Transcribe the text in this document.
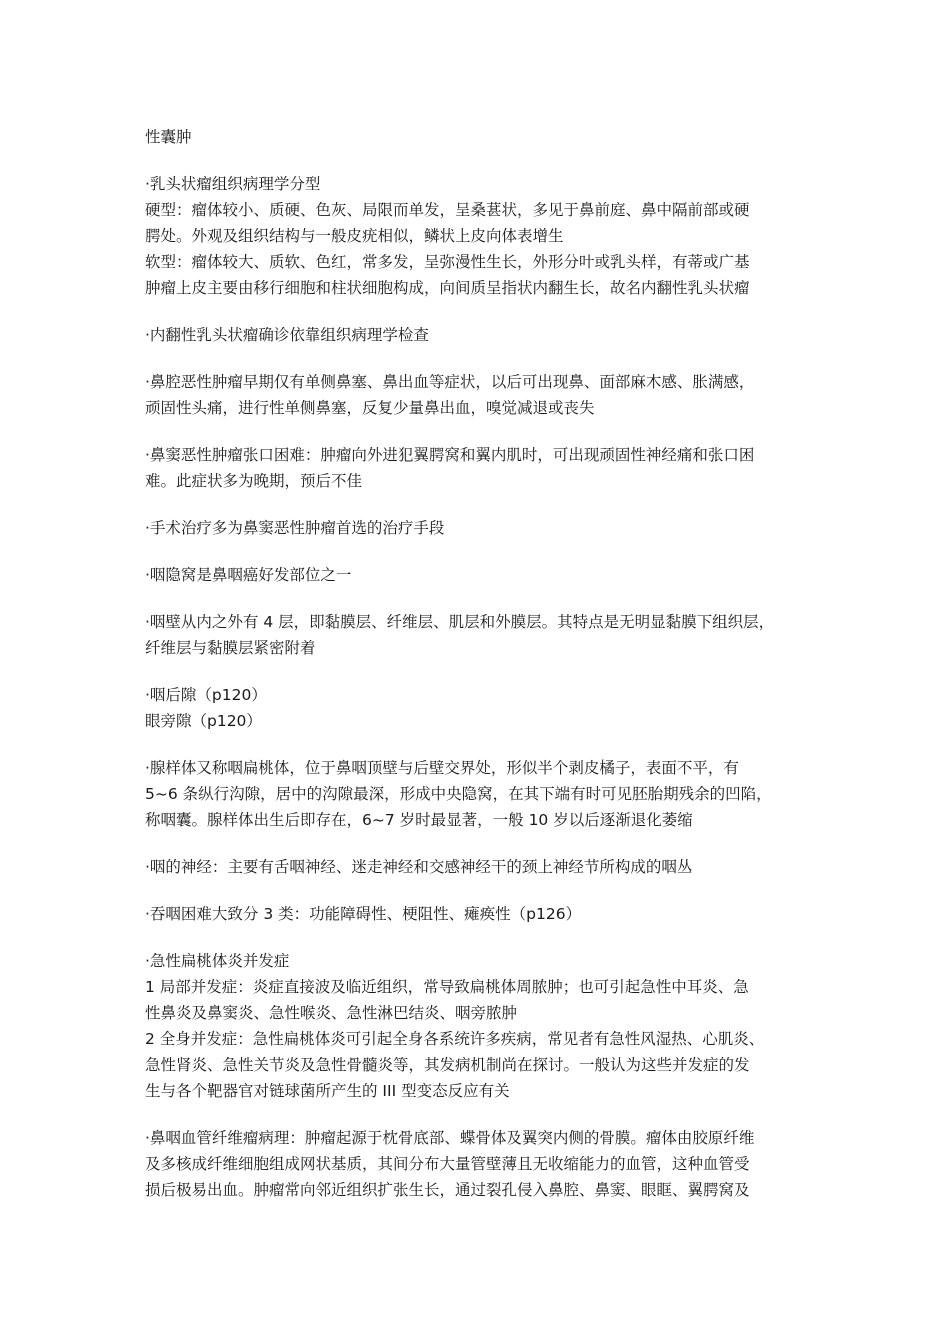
性囊肿
·乳头状瘤组织病理学分型
硬型：瘤体较小、质硬、色灰、局限而单发，呈桑葚状，多见于鼻前庭、鼻中隔前部或硬
腭处。外观及组织结构与一般皮疣相似，鳞状上皮向体表增生
软型：瘤体较大、质软、色红，常多发，呈弥漫性生长，外形分叶或乳头样，有蒂或广基
肿瘤上皮主要由移行细胞和柱状细胞构成，向间质呈指状内翻生长，故名内翻性乳头状瘤
·内翻性乳头状瘤确诊依靠组织病理学检查
·鼻腔恶性肿瘤早期仅有单侧鼻塞、鼻出血等症状，以后可出现鼻、面部麻木感、胀满感，
顽固性头痛，进行性单侧鼻塞，反复少量鼻出血，嗅觉减退或丧失
·鼻窦恶性肿瘤张口困难：肿瘤向外进犯翼腭窝和翼内肌时，可出现顽固性神经痛和张口困
难。此症状多为晚期，预后不佳
·手术治疗多为鼻窦恶性肿瘤首选的治疗手段
·咽隐窝是鼻咽癌好发部位之一
·咽壁从内之外有 4 层，即黏膜层、纤维层、肌层和外膜层。其特点是无明显黏膜下组织层，
纤维层与黏膜层紧密附着
·咽后隙（p120）
眼旁隙（p120）
·腺样体又称咽扁桃体，位于鼻咽顶壁与后壁交界处，形似半个剥皮橘子，表面不平，有
5~6 条纵行沟隙，居中的沟隙最深，形成中央隐窝，在其下端有时可见胚胎期残余的凹陷，
称咽囊。腺样体出生后即存在，6~7 岁时最显著，一般 10 岁以后逐渐退化萎缩
·咽的神经：主要有舌咽神经、迷走神经和交感神经干的颈上神经节所构成的咽丛
·吞咽困难大致分 3 类：功能障碍性、梗阻性、瘫痪性（p126）
·急性扁桃体炎并发症
1 局部并发症：炎症直接波及临近组织，常导致扁桃体周脓肿；也可引起急性中耳炎、急
性鼻炎及鼻窦炎、急性喉炎、急性淋巴结炎、咽旁脓肿
2 全身并发症：急性扁桃体炎可引起全身各系统许多疾病，常见者有急性风湿热、心肌炎、
急性肾炎、急性关节炎及急性骨髓炎等，其发病机制尚在探讨。一般认为这些并发症的发
生与各个靶器官对链球菌所产生的 III 型变态反应有关
·鼻咽血管纤维瘤病理：肿瘤起源于枕骨底部、蝶骨体及翼突内侧的骨膜。瘤体由胶原纤维
及多核成纤维细胞组成网状基质，其间分布大量管壁薄且无收缩能力的血管，这种血管受
损后极易出血。肿瘤常向邻近组织扩张生长，通过裂孔侵入鼻腔、鼻窦、眼眶、翼腭窝及
